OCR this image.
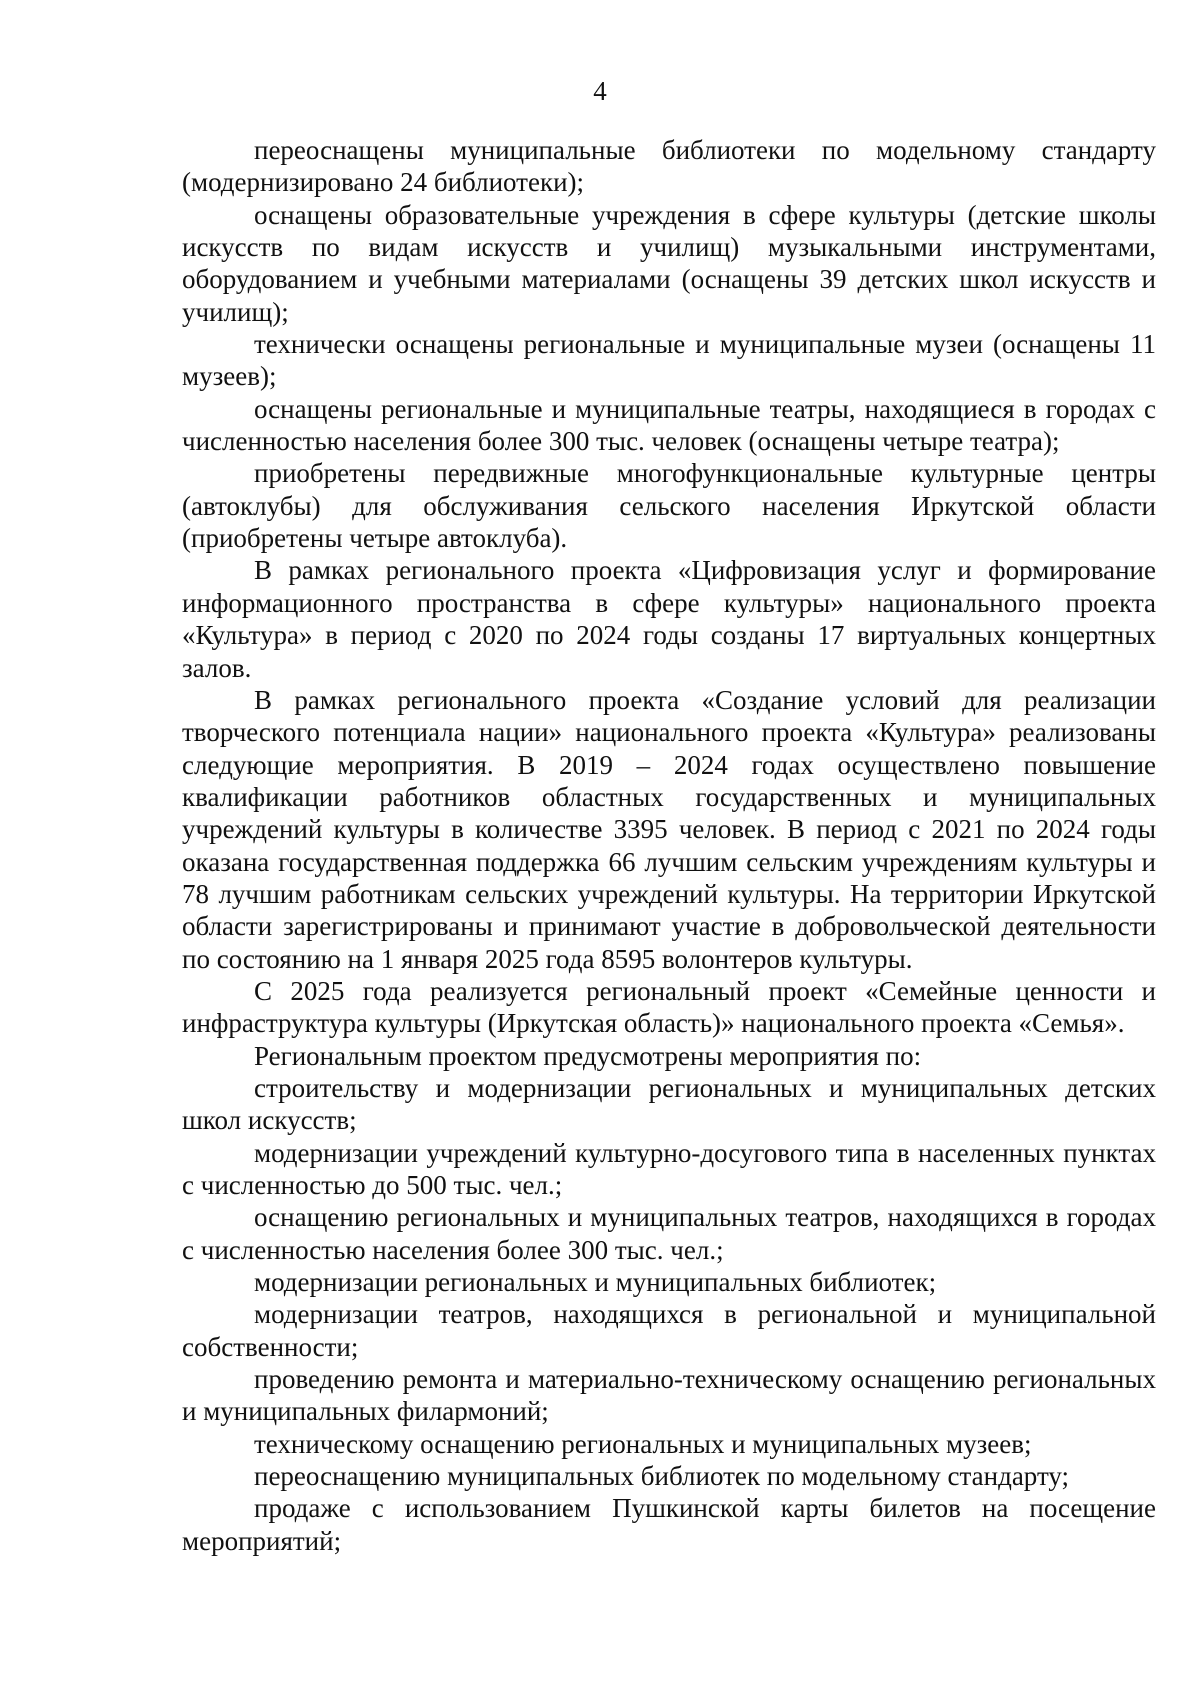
4

переоснащены муниципальные библиотеки по модельному стандарту (модернизировано 24 библиотеки);

оснащены образовательные учреждения в сфере культуры (детские школы искусств по видам искусств и училищ) музыкальными инструментами, оборудованием и учебными материалами (оснащены 39 детских школ искусств и училищ);

технически оснащены региональные и муниципальные музеи (оснащены 11 музеев);

оснащены региональные и муниципальные театры, находящиеся в городах с численностью населения более 300 тыс. человек (оснащены четыре театра);

приобретены передвижные многофункциональные культурные центры (автоклубы) для обслуживания сельского населения Иркутской области (приобретены четыре автоклуба).

В рамках регионального проекта «Цифровизация услуг и формирование информационного пространства в сфере культуры» национального проекта «Культура» в период с 2020 по 2024 годы созданы 17 виртуальных концертных залов.

В рамках регионального проекта «Создание условий для реализации творческого потенциала нации» национального проекта «Культура» реализованы следующие мероприятия. В 2019 – 2024 годах осуществлено повышение квалификации работников областных государственных и муниципальных учреждений культуры в количестве 3395 человек. В период с 2021 по 2024 годы оказана государственная поддержка 66 лучшим сельским учреждениям культуры и 78 лучшим работникам сельских учреждений культуры. На территории Иркутской области зарегистрированы и принимают участие в добровольческой деятельности по состоянию на 1 января 2025 года 8595 волонтеров культуры.

С 2025 года реализуется региональный проект «Семейные ценности и инфраструктура культуры (Иркутская область)» национального проекта «Семья».

Региональным проектом предусмотрены мероприятия по:

строительству и модернизации региональных и муниципальных детских школ искусств;

модернизации учреждений культурно-досугового типа в населенных пунктах с численностью до 500 тыс. чел.;

оснащению региональных и муниципальных театров, находящихся в городах с численностью населения более 300 тыс. чел.;

модернизации региональных и муниципальных библиотек;

модернизации театров, находящихся в региональной и муниципальной собственности;

проведению ремонта и материально-техническому оснащению региональных и муниципальных филармоний;

техническому оснащению региональных и муниципальных музеев;

переоснащению муниципальных библиотек по модельному стандарту;

продаже с использованием Пушкинской карты билетов на посещение мероприятий;
